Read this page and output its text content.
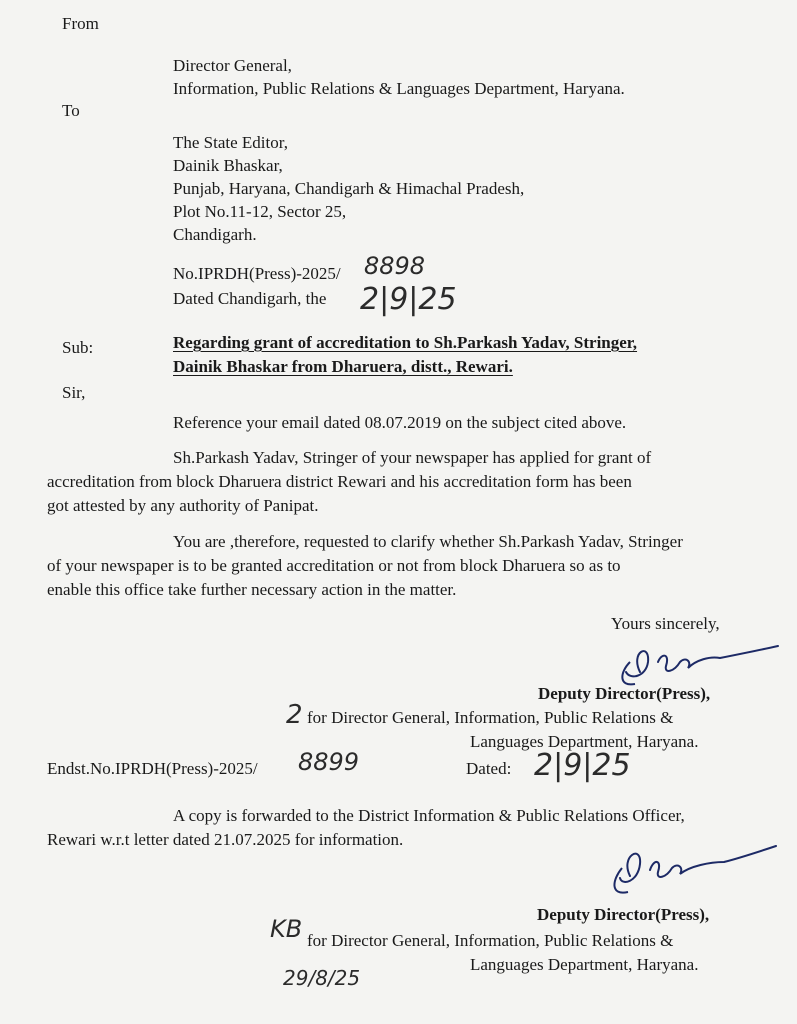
From
Director General,
Information, Public Relations & Languages Department, Haryana.
To
The State Editor,
Dainik Bhaskar,
Punjab, Haryana, Chandigarh & Himachal Pradesh,
Plot No.11-12, Sector 25,
Chandigarh.
No.IPRDH(Press)-2025/ 8898
Dated Chandigarh, the 2|9|25
Sub:	Regarding grant of accreditation to Sh.Parkash Yadav, Stringer,
Dainik Bhaskar from Dharuera, distt., Rewari.
Sir,
Reference your email dated 08.07.2019 on the subject cited above.
Sh.Parkash Yadav, Stringer of your newspaper has applied for grant of
accreditation from block Dharuera district Rewari and his accreditation form has been
got attested by any authority of Panipat.
You are ,therefore, requested to clarify whether Sh.Parkash Yadav, Stringer
of your newspaper is to be granted accreditation or not from block Dharuera so as to
enable this office take further necessary action in the matter.
Yours sincerely,
Deputy Director(Press),
2 for Director General, Information, Public Relations &
Languages Department, Haryana.
Endst.No.IPRDH(Press)-2025/ 8899	Dated: 2|9|25
A copy is forwarded to the District Information & Public Relations Officer,
Rewari w.r.t letter dated 21.07.2025 for information.
Deputy Director(Press),
KB for Director General, Information, Public Relations &
Languages Department, Haryana.
29/8/25
